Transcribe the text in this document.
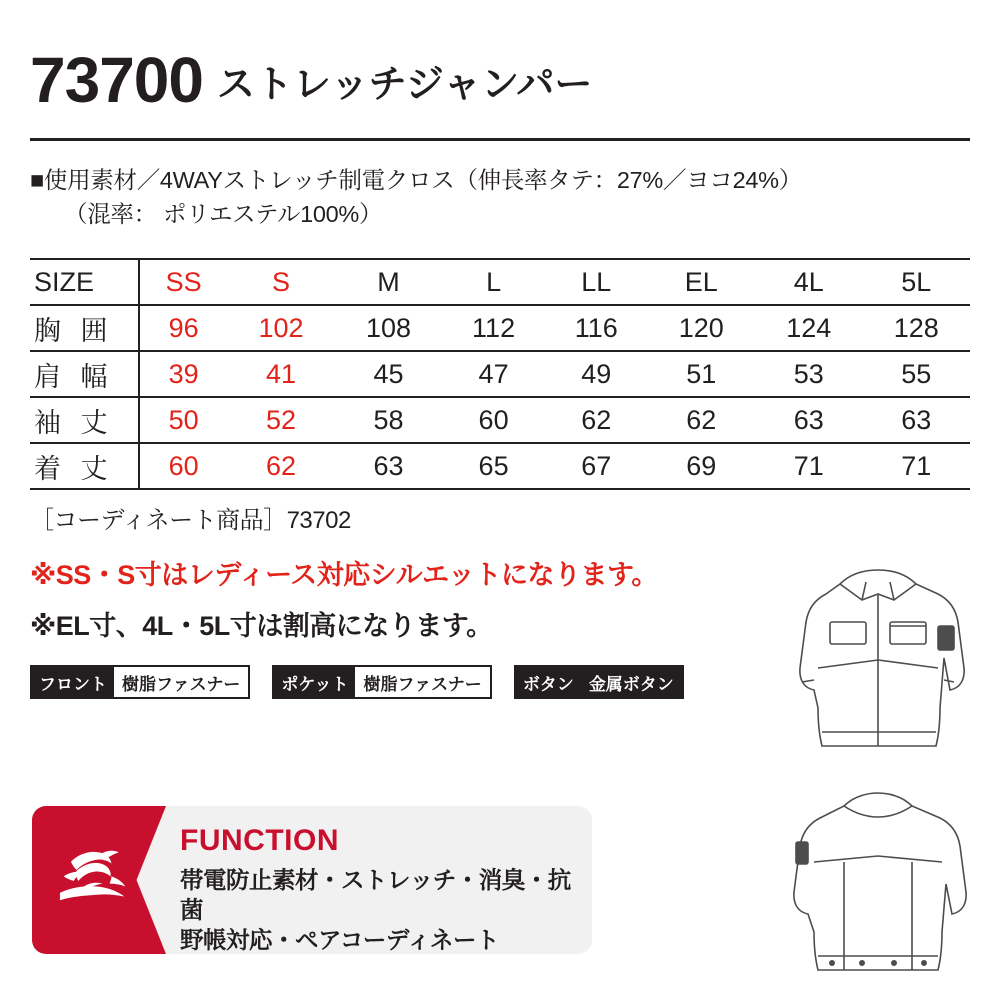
73700 ストレッチジャンパー
■使用素材／4WAYストレッチ制電クロス（伸長率タテ：27%／ヨコ24%）
（混率： ポリエステル100%）
SIZE	SS	S	M	L	LL	EL	4L	5L
胸 囲	96	102	108	112	116	120	124	128
肩 幅	39	41	45	47	49	51	53	55
袖 丈	50	52	58	60	62	62	63	63
着 丈	60	62	63	65	67	69	71	71
［コーディネート商品］73702
※SS・S寸はレディース対応シルエットになります。
※EL寸、4L・5L寸は割高になります。
フロント 樹脂ファスナー	ポケット 樹脂ファスナー	ボタン 金属ボタン
FUNCTION
帯電防止素材・ストレッチ・消臭・抗菌
野帳対応・ペアコーディネート
